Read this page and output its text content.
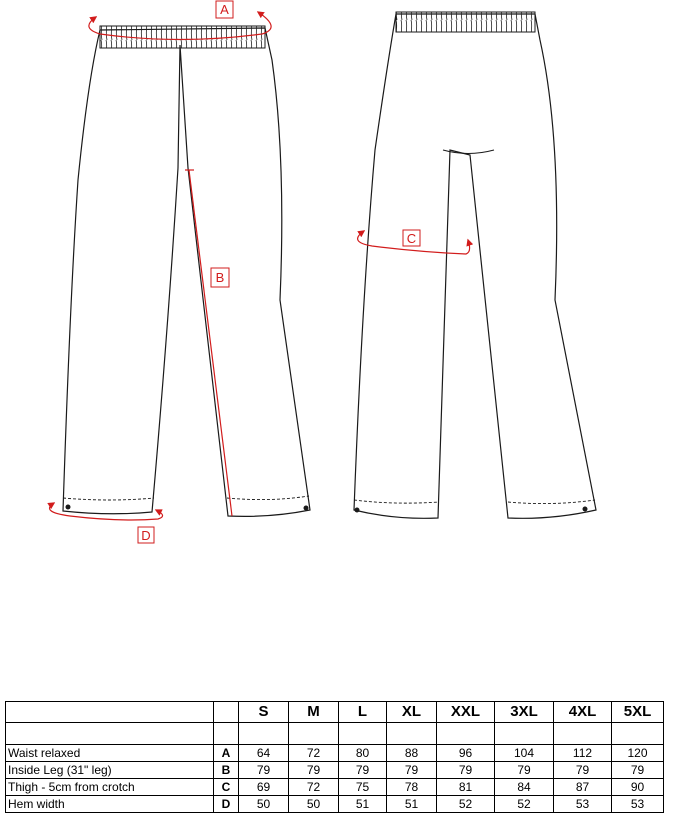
A
B
C
D
		S	M	L	XL	XXL	3XL	4XL	5XL

Waist relaxed	A	64	72	80	88	96	104	112	120
Inside Leg (31" leg)	B	79	79	79	79	79	79	79	79
Thigh - 5cm from crotch	C	69	72	75	78	81	84	87	90
Hem width	D	50	50	51	51	52	52	53	53
